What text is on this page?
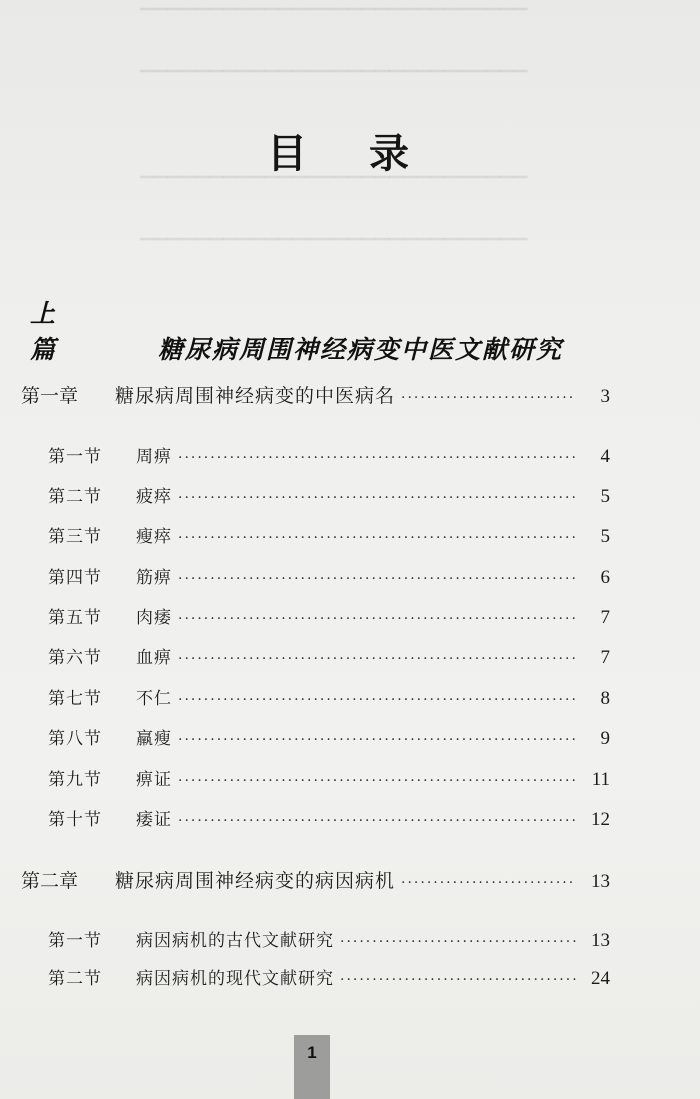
▔▔▔▔▔▔▔▔▔▔▔▔▔▔▔▔▔▔▔▔▔▔▔▔▔▔▔▔
▔▔▔▔▔▔▔▔▔▔▔▔▔▔▔▔▔▔▔▔▔▔▔▔▔▔▔▔
▔▔▔▔▔▔▔▔▔▔▔▔▔▔▔▔▔▔▔▔▔▔▔▔▔▔▔▔
▔▔▔▔▔▔▔▔▔▔▔▔▔▔▔▔▔▔▔▔▔▔▔▔▔▔▔▔
目 录
上 篇	糖尿病周围神经病变中医文献研究
第一章	糖尿病周围神经病变的中医病名 ·····	3
第一节	周痹 ·····	4
第二节	疲瘁 ·····	5
第三节	瘦瘁 ·····	5
第四节	筋痹 ·····	6
第五节	肉痿 ·····	7
第六节	血痹 ·····	7
第七节	不仁 ·····	8
第八节	羸瘦 ·····	9
第九节	痹证 ·····	11
第十节	痿证 ·····	12
第二章	糖尿病周围神经病变的病因病机 ·····	13
第一节	病因病机的古代文献研究 ·····	13
第二节	病因病机的现代文献研究 ·····	24
1
